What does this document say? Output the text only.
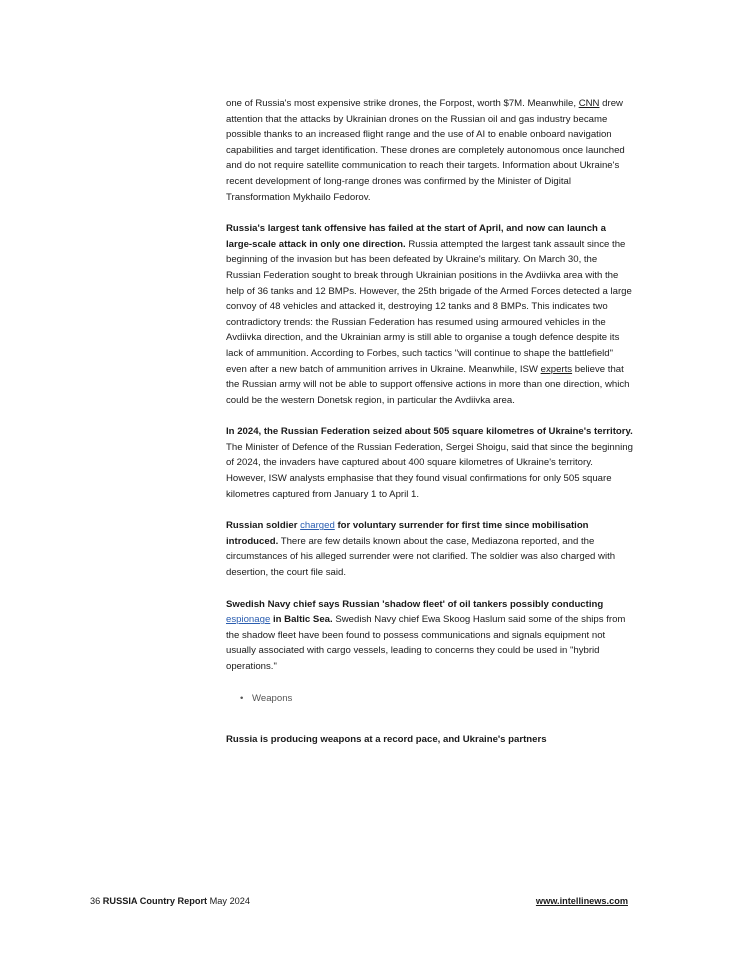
one of Russia's most expensive strike drones, the Forpost, worth $7M. Meanwhile, CNN drew attention that the attacks by Ukrainian drones on the Russian oil and gas industry became possible thanks to an increased flight range and the use of AI to enable onboard navigation capabilities and target identification. These drones are completely autonomous once launched and do not require satellite communication to reach their targets. Information about Ukraine's recent development of long-range drones was confirmed by the Minister of Digital Transformation Mykhailo Fedorov.

Russia's largest tank offensive has failed at the start of April, and now can launch a large-scale attack in only one direction. Russia attempted the largest tank assault since the beginning of the invasion but has been defeated by Ukraine's military. On March 30, the Russian Federation sought to break through Ukrainian positions in the Avdiivka area with the help of 36 tanks and 12 BMPs. However, the 25th brigade of the Armed Forces detected a large convoy of 48 vehicles and attacked it, destroying 12 tanks and 8 BMPs. This indicates two contradictory trends: the Russian Federation has resumed using armoured vehicles in the Avdiivka direction, and the Ukrainian army is still able to organise a tough defence despite its lack of ammunition. According to Forbes, such tactics "will continue to shape the battlefield" even after a new batch of ammunition arrives in Ukraine. Meanwhile, ISW experts believe that the Russian army will not be able to support offensive actions in more than one direction, which could be the western Donetsk region, in particular the Avdiivka area.

In 2024, the Russian Federation seized about 505 square kilometres of Ukraine's territory. The Minister of Defence of the Russian Federation, Sergei Shoigu, said that since the beginning of 2024, the invaders have captured about 400 square kilometres of Ukraine's territory. However, ISW analysts emphasise that they found visual confirmations for only 505 square kilometres captured from January 1 to April 1.

Russian soldier charged for voluntary surrender for first time since mobilisation introduced. There are few details known about the case, Mediazona reported, and the circumstances of his alleged surrender were not clarified. The soldier was also charged with desertion, the court file said.

Swedish Navy chief says Russian 'shadow fleet' of oil tankers possibly conducting espionage in Baltic Sea. Swedish Navy chief Ewa Skoog Haslum said some of the ships from the shadow fleet have been found to possess communications and signals equipment not usually associated with cargo vessels, leading to concerns they could be used in "hybrid operations."

• Weapons

Russia is producing weapons at a record pace, and Ukraine's partners

36 RUSSIA Country Report May 2024	www.intellinews.com
